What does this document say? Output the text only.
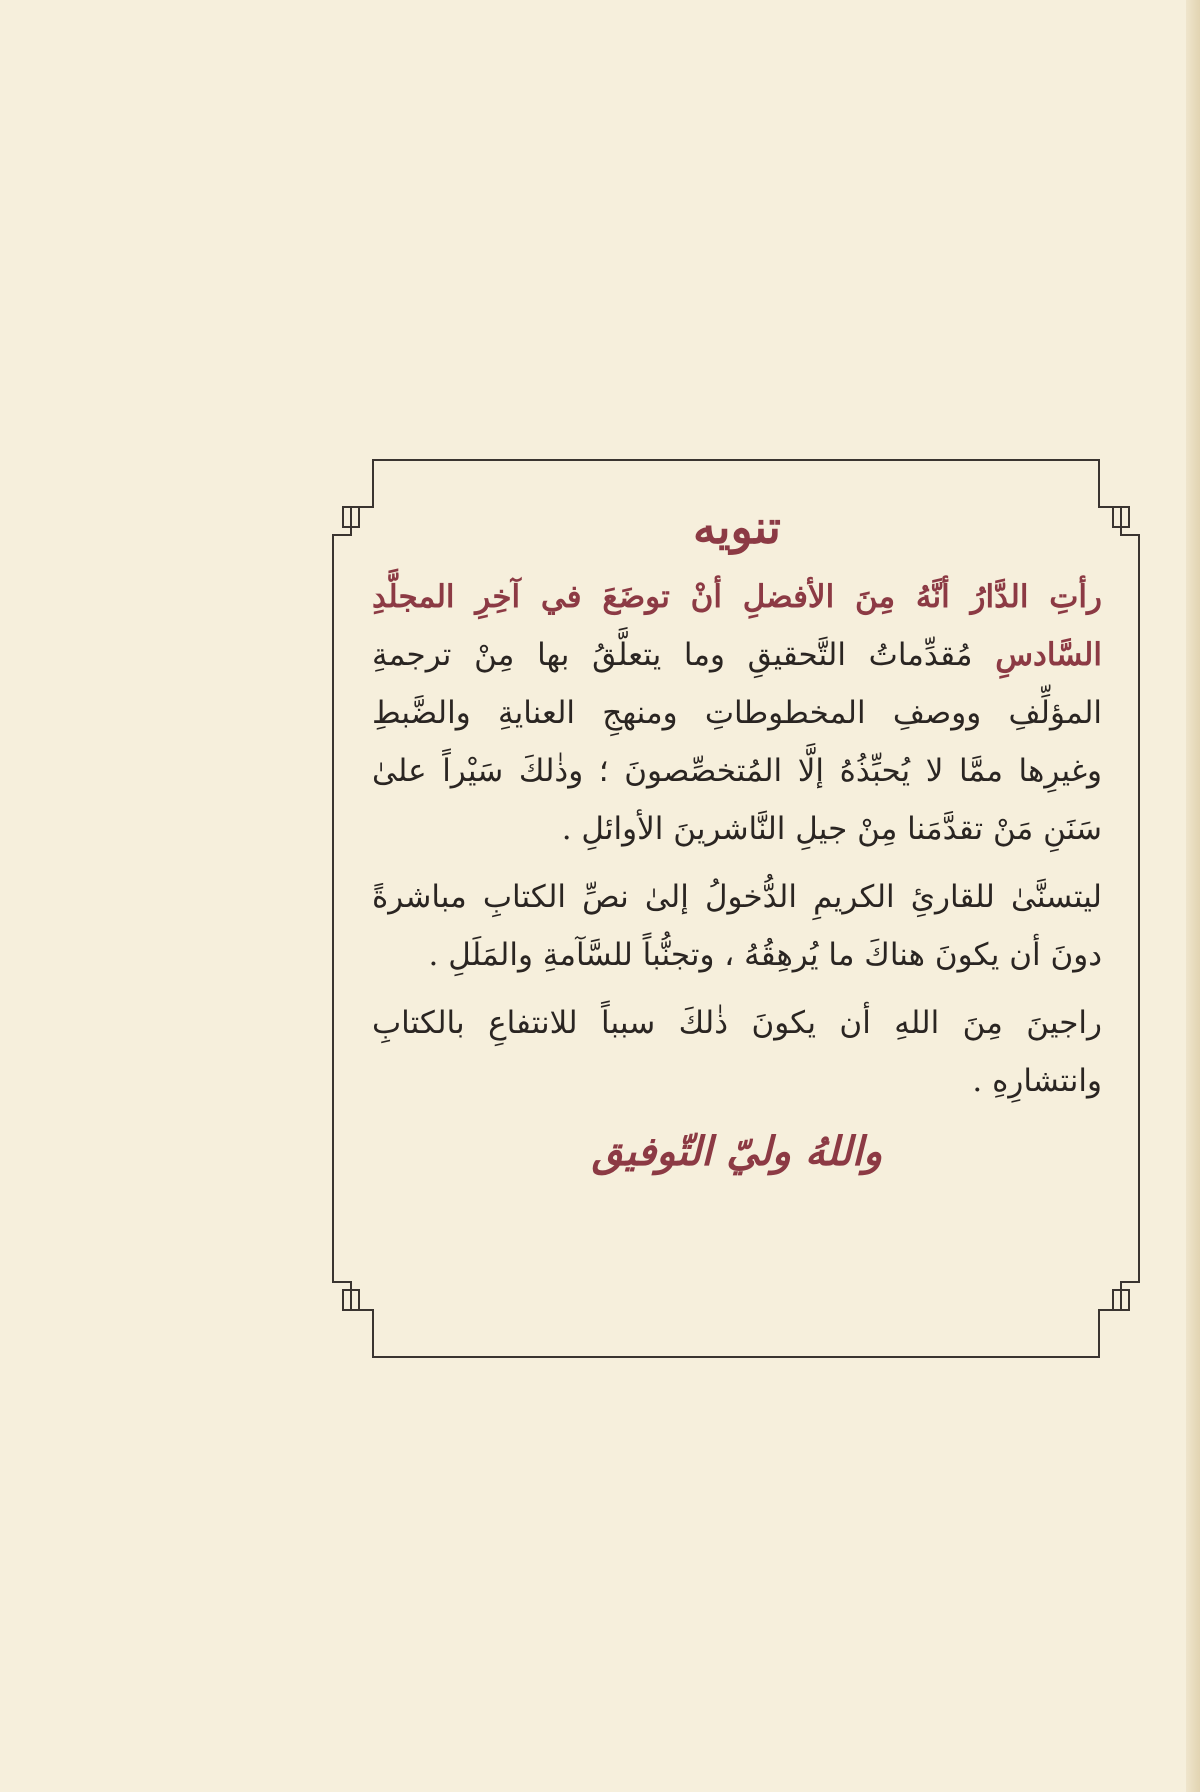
تنويه

رأتِ الدَّارُ أنَّهُ مِنَ الأفضلِ أنْ توضَعَ في آخِرِ المجلَّدِ السَّادسِ مُقدِّماتُ التَّحقيقِ وما يتعلَّقُ بها مِنْ ترجمةِ المؤلِّفِ ووصفِ المخطوطاتِ ومنهجِ العنايةِ والضَّبطِ وغيرِها ممَّا لا يُحبِّذُهُ إلَّا المُتخصِّصونَ ؛ وذٰلكَ سَيْراً علىٰ سَنَنِ مَنْ تقدَّمَنا مِنْ جيلِ النَّاشرينَ الأوائلِ .

ليتسنَّىٰ للقارئِ الكريمِ الدُّخولُ إلىٰ نصِّ الكتابِ مباشرةً دونَ أن يكونَ هناكَ ما يُرهِقُهُ ، وتجنُّباً للسَّآمةِ والمَلَلِ .

راجينَ مِنَ اللهِ أن يكونَ ذٰلكَ سبباً للانتفاعِ بالكتابِ وانتشارِهِ .

واللهُ وليّ التّوفيق
